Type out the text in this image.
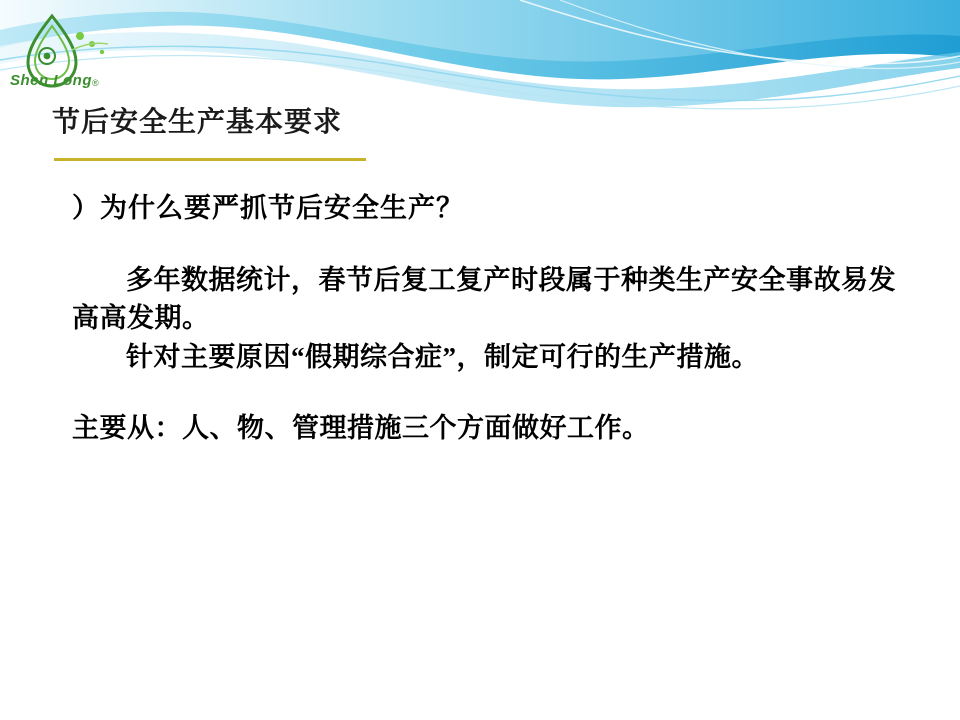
Shen Long ®
节后安全生产基本要求
）为什么要严抓节后安全生产？

多年数据统计，春节后复工复产时段属于种类生产安全事故易发高高发期。

针对主要原因“假期综合症”，制定可行的生产措施。

主要从：人、物、管理措施三个方面做好工作。
